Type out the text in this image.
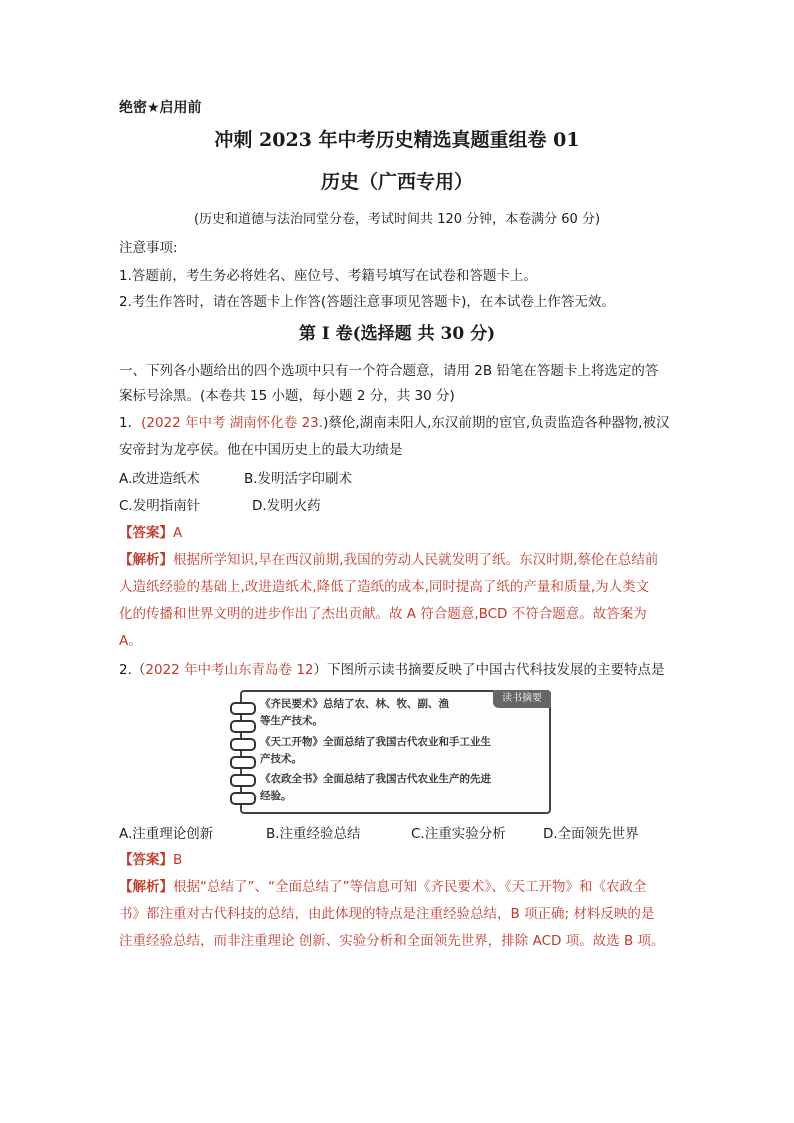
绝密★启用前
冲刺 2023 年中考历史精选真题重组卷 01
历史（广西专用）
(历史和道德与法治同堂分卷，考试时间共 120 分钟，本卷满分 60 分)
注意事项:
1.答题前，考生务必将姓名、座位号、考籍号填写在试卷和答题卡上。
2.考生作答时，请在答题卡上作答(答题注意事项见答题卡)，在本试卷上作答无效。
第 I 卷(选择题 共 30 分)
一、下列各小题给出的四个选项中只有一个符合题意，请用 2B 铅笔在答题卡上将选定的答
案标号涂黑。(本卷共 15 小题，每小题 2 分，共 30 分)
1．(2022 年中考 湖南怀化卷 23.)蔡伦,湖南耒阳人,东汉前期的宦官,负责监造各种器物,被汉
安帝封为龙亭侯。他在中国历史上的最大功绩是
A.改进造纸术	B.发明活字印刷术
C.发明指南针	D.发明火药
【答案】A
【解析】根据所学知识,早在西汉前期,我国的劳动人民就发明了纸。东汉时期,蔡伦在总结前
人造纸经验的基础上,改进造纸术,降低了造纸的成本,同时提高了纸的产量和质量,为人类文
化的传播和世界文明的进步作出了杰出贡献。故 A 符合题意,BCD 不符合题意。故答案为
A。
2.（2022 年中考山东青岛卷 12）下图所示读书摘要反映了中国古代科技发展的主要特点是
读书摘要
《齐民要术》总结了农、林、牧、副、渔
等生产技术。
《天工开物》全面总结了我国古代农业和手工业生
产技术。
《农政全书》全面总结了我国古代农业生产的先进
经验。
A.注重理论创新	B.注重经验总结	C.注重实验分析	D.全面领先世界
【答案】B
【解析】根据“总结了”、“全面总结了”等信息可知《齐民要术》、《天工开物》和《农政全
书》都注重对古代科技的总结，由此体现的特点是注重经验总结，B 项正确; 材料反映的是
注重经验总结，而非注重理论 创新、实验分析和全面领先世界，排除 ACD 项。故选 B 项。
